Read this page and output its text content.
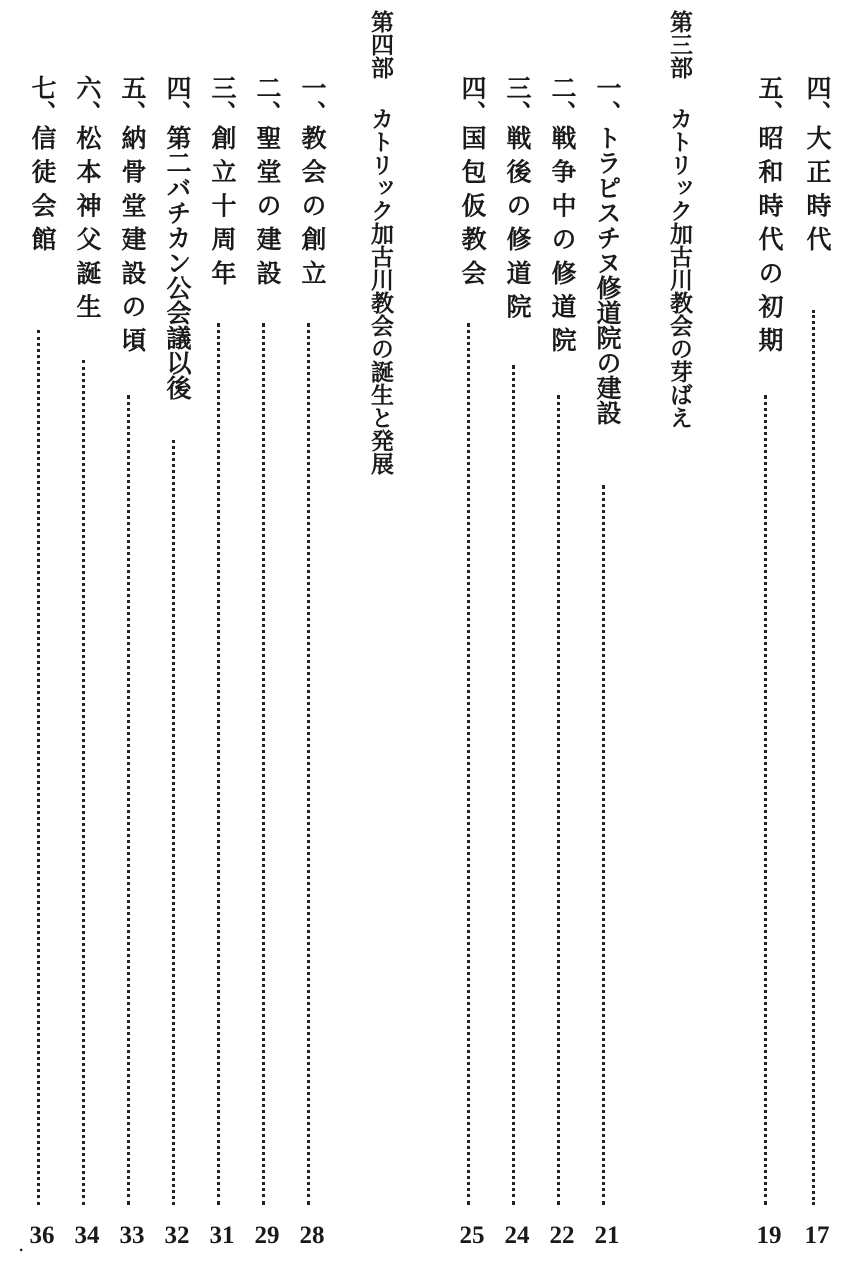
.
四、大 正 時 代
17
五、昭 和 時 代 の 初 期
19
第三部
カトリック加古川教会の芽ばえ
一、トラピスチヌ修道院の建設
21
二、戦 争 中 の 修 道 院
22
三、戦 後 の 修 道 院
24
四、国 包 仮 教 会
25
第四部
カトリック加古川教会の誕生と発展
一、教 会 の 創 立
28
二、聖 堂 の 建 設
29
三、創 立 十 周 年
31
四、第二バチカン公会議以後
32
五、納 骨 堂 建 設 の 頃
33
六、松 本 神 父 誕 生
34
七、信 徒 会 館
36
